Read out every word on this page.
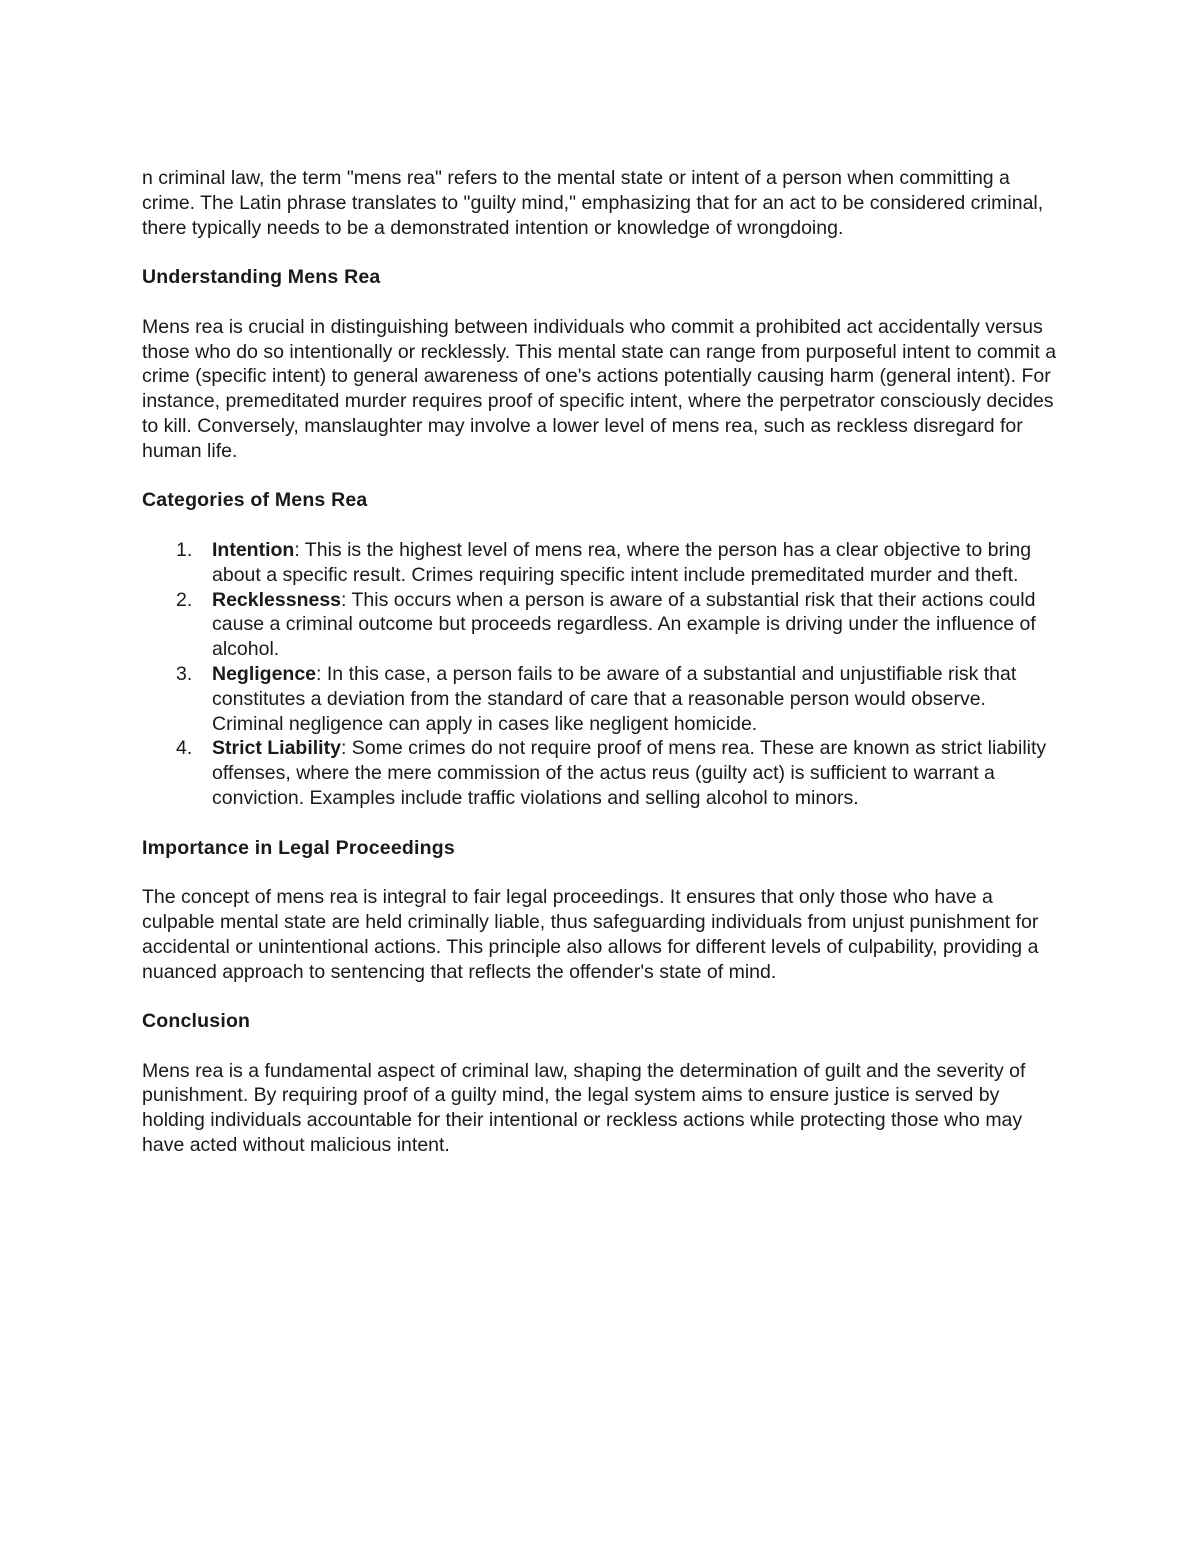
n criminal law, the term "mens rea" refers to the mental state or intent of a person when committing a crime. The Latin phrase translates to "guilty mind," emphasizing that for an act to be considered criminal, there typically needs to be a demonstrated intention or knowledge of wrongdoing.

Understanding Mens Rea

Mens rea is crucial in distinguishing between individuals who commit a prohibited act accidentally versus those who do so intentionally or recklessly. This mental state can range from purposeful intent to commit a crime (specific intent) to general awareness of one's actions potentially causing harm (general intent). For instance, premeditated murder requires proof of specific intent, where the perpetrator consciously decides to kill. Conversely, manslaughter may involve a lower level of mens rea, such as reckless disregard for human life.

Categories of Mens Rea
1. Intention: This is the highest level of mens rea, where the person has a clear objective to bring about a specific result. Crimes requiring specific intent include premeditated murder and theft.
2. Recklessness: This occurs when a person is aware of a substantial risk that their actions could cause a criminal outcome but proceeds regardless. An example is driving under the influence of alcohol.
3. Negligence: In this case, a person fails to be aware of a substantial and unjustifiable risk that constitutes a deviation from the standard of care that a reasonable person would observe. Criminal negligence can apply in cases like negligent homicide.
4. Strict Liability: Some crimes do not require proof of mens rea. These are known as strict liability offenses, where the mere commission of the actus reus (guilty act) is sufficient to warrant a conviction. Examples include traffic violations and selling alcohol to minors.
Importance in Legal Proceedings

The concept of mens rea is integral to fair legal proceedings. It ensures that only those who have a culpable mental state are held criminally liable, thus safeguarding individuals from unjust punishment for accidental or unintentional actions. This principle also allows for different levels of culpability, providing a nuanced approach to sentencing that reflects the offender's state of mind.

Conclusion

Mens rea is a fundamental aspect of criminal law, shaping the determination of guilt and the severity of punishment. By requiring proof of a guilty mind, the legal system aims to ensure justice is served by holding individuals accountable for their intentional or reckless actions while protecting those who may have acted without malicious intent.
